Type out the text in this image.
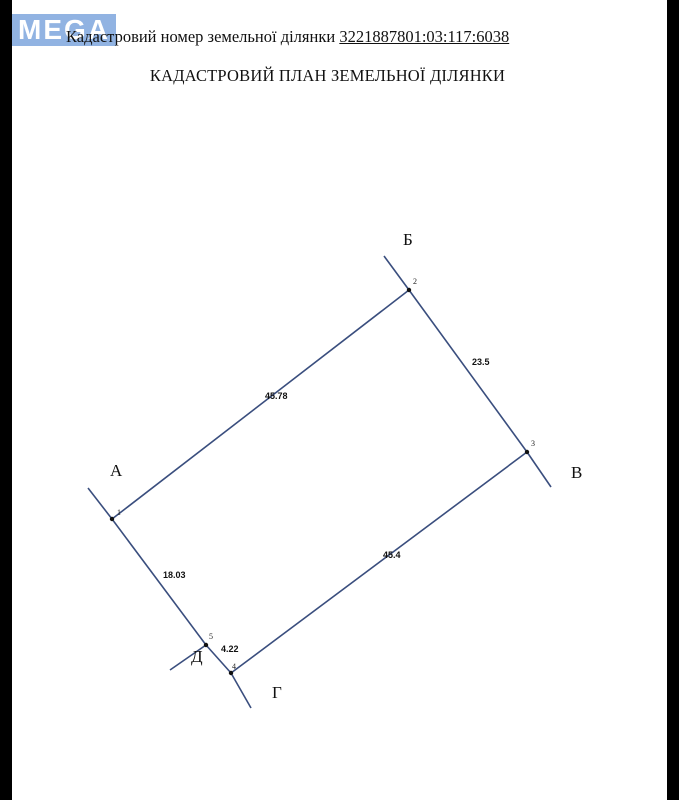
MEGA
Кадастровий номер земельної ділянки 3221887801:03:117:6038
КАДАСТРОВИЙ ПЛАН ЗЕМЕЛЬНОЇ ДІЛЯНКИ
1
2
3
4
5
45.78
23.5
45.4
4.22
18.03
А
Б
В
Г
Д
